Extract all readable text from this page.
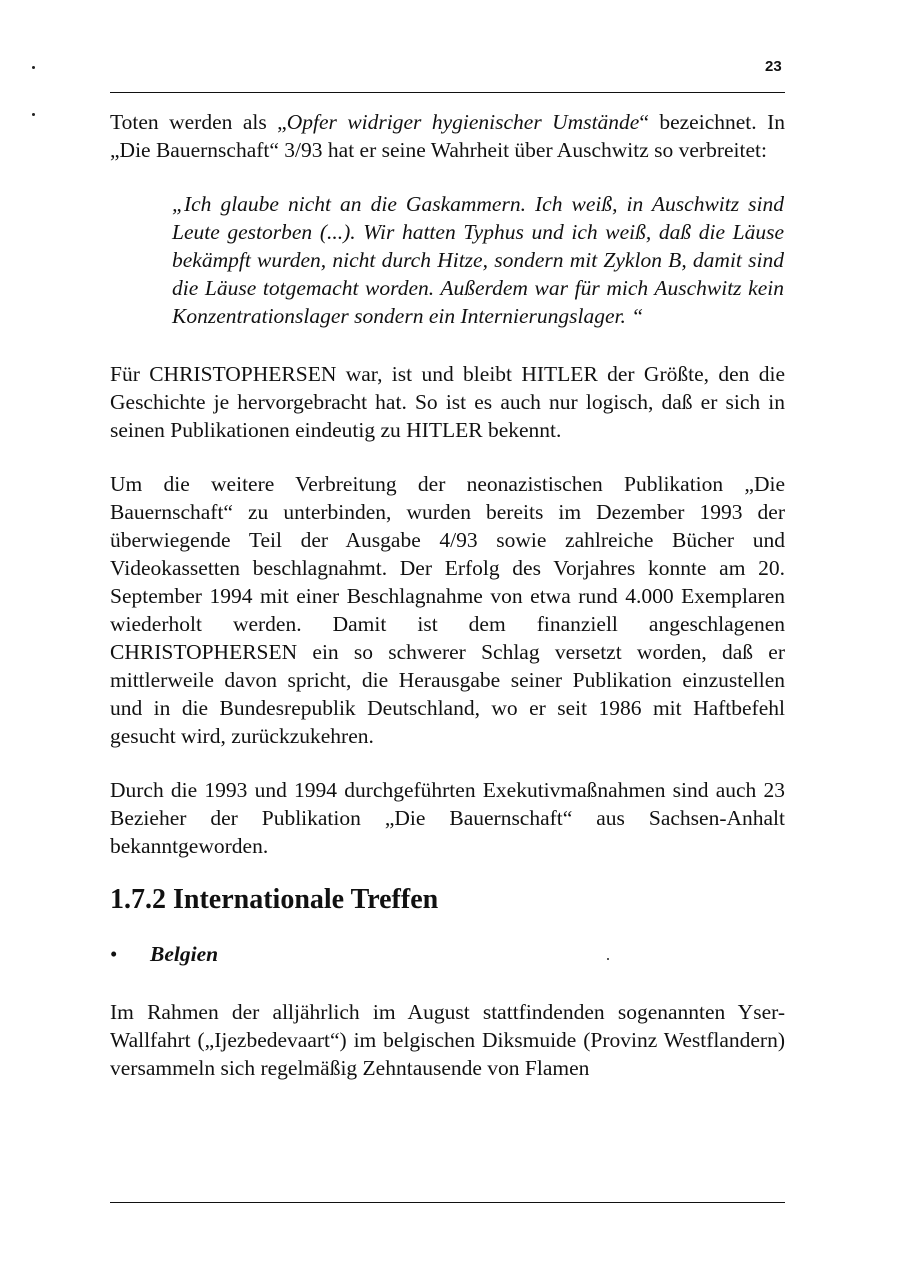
23

Toten werden als „Opfer widriger hygienischer Umstände“ bezeichnet. In „Die Bauernschaft“ 3/93 hat er seine Wahrheit über Auschwitz so verbreitet:

„Ich glaube nicht an die Gaskammern. Ich weiß, in Auschwitz sind Leute gestorben (...). Wir hatten Typhus und ich weiß, daß die Läuse bekämpft wurden, nicht durch Hitze, sondern mit Zyklon B, damit sind die Läuse totgemacht worden. Außerdem war für mich Auschwitz kein Konzentrationslager sondern ein Internierungslager. “

Für CHRISTOPHERSEN war, ist und bleibt HITLER der Größte, den die Geschichte je hervorgebracht hat. So ist es auch nur logisch, daß er sich in seinen Publikationen eindeutig zu HITLER bekennt.

Um die weitere Verbreitung der neonazistischen Publikation „Die Bauernschaft“ zu unterbinden, wurden bereits im Dezember 1993 der überwiegende Teil der Ausgabe 4/93 sowie zahlreiche Bücher und Videokassetten beschlagnahmt. Der Erfolg des Vorjahres konnte am 20. September 1994 mit einer Beschlagnahme von etwa rund 4.000 Exemplaren wiederholt werden. Damit ist dem finanziell angeschlagenen CHRISTOPHERSEN ein so schwerer Schlag versetzt worden, daß er mittlerweile davon spricht, die Herausgabe seiner Publikation einzustellen und in die Bundesrepublik Deutschland, wo er seit 1986 mit Haftbefehl gesucht wird, zurückzukehren.

Durch die 1993 und 1994 durchgeführten Exekutivmaßnahmen sind auch 23 Bezieher der Publikation „Die Bauernschaft“ aus Sachsen-Anhalt bekanntgeworden.

1.7.2 Internationale Treffen
•	Belgien

Im Rahmen der alljährlich im August stattfindenden sogenannten Yser-Wallfahrt („Ijezbedevaart“) im belgischen Diksmuide (Provinz Westflandern) versammeln sich regelmäßig Zehntausende von Flamen
